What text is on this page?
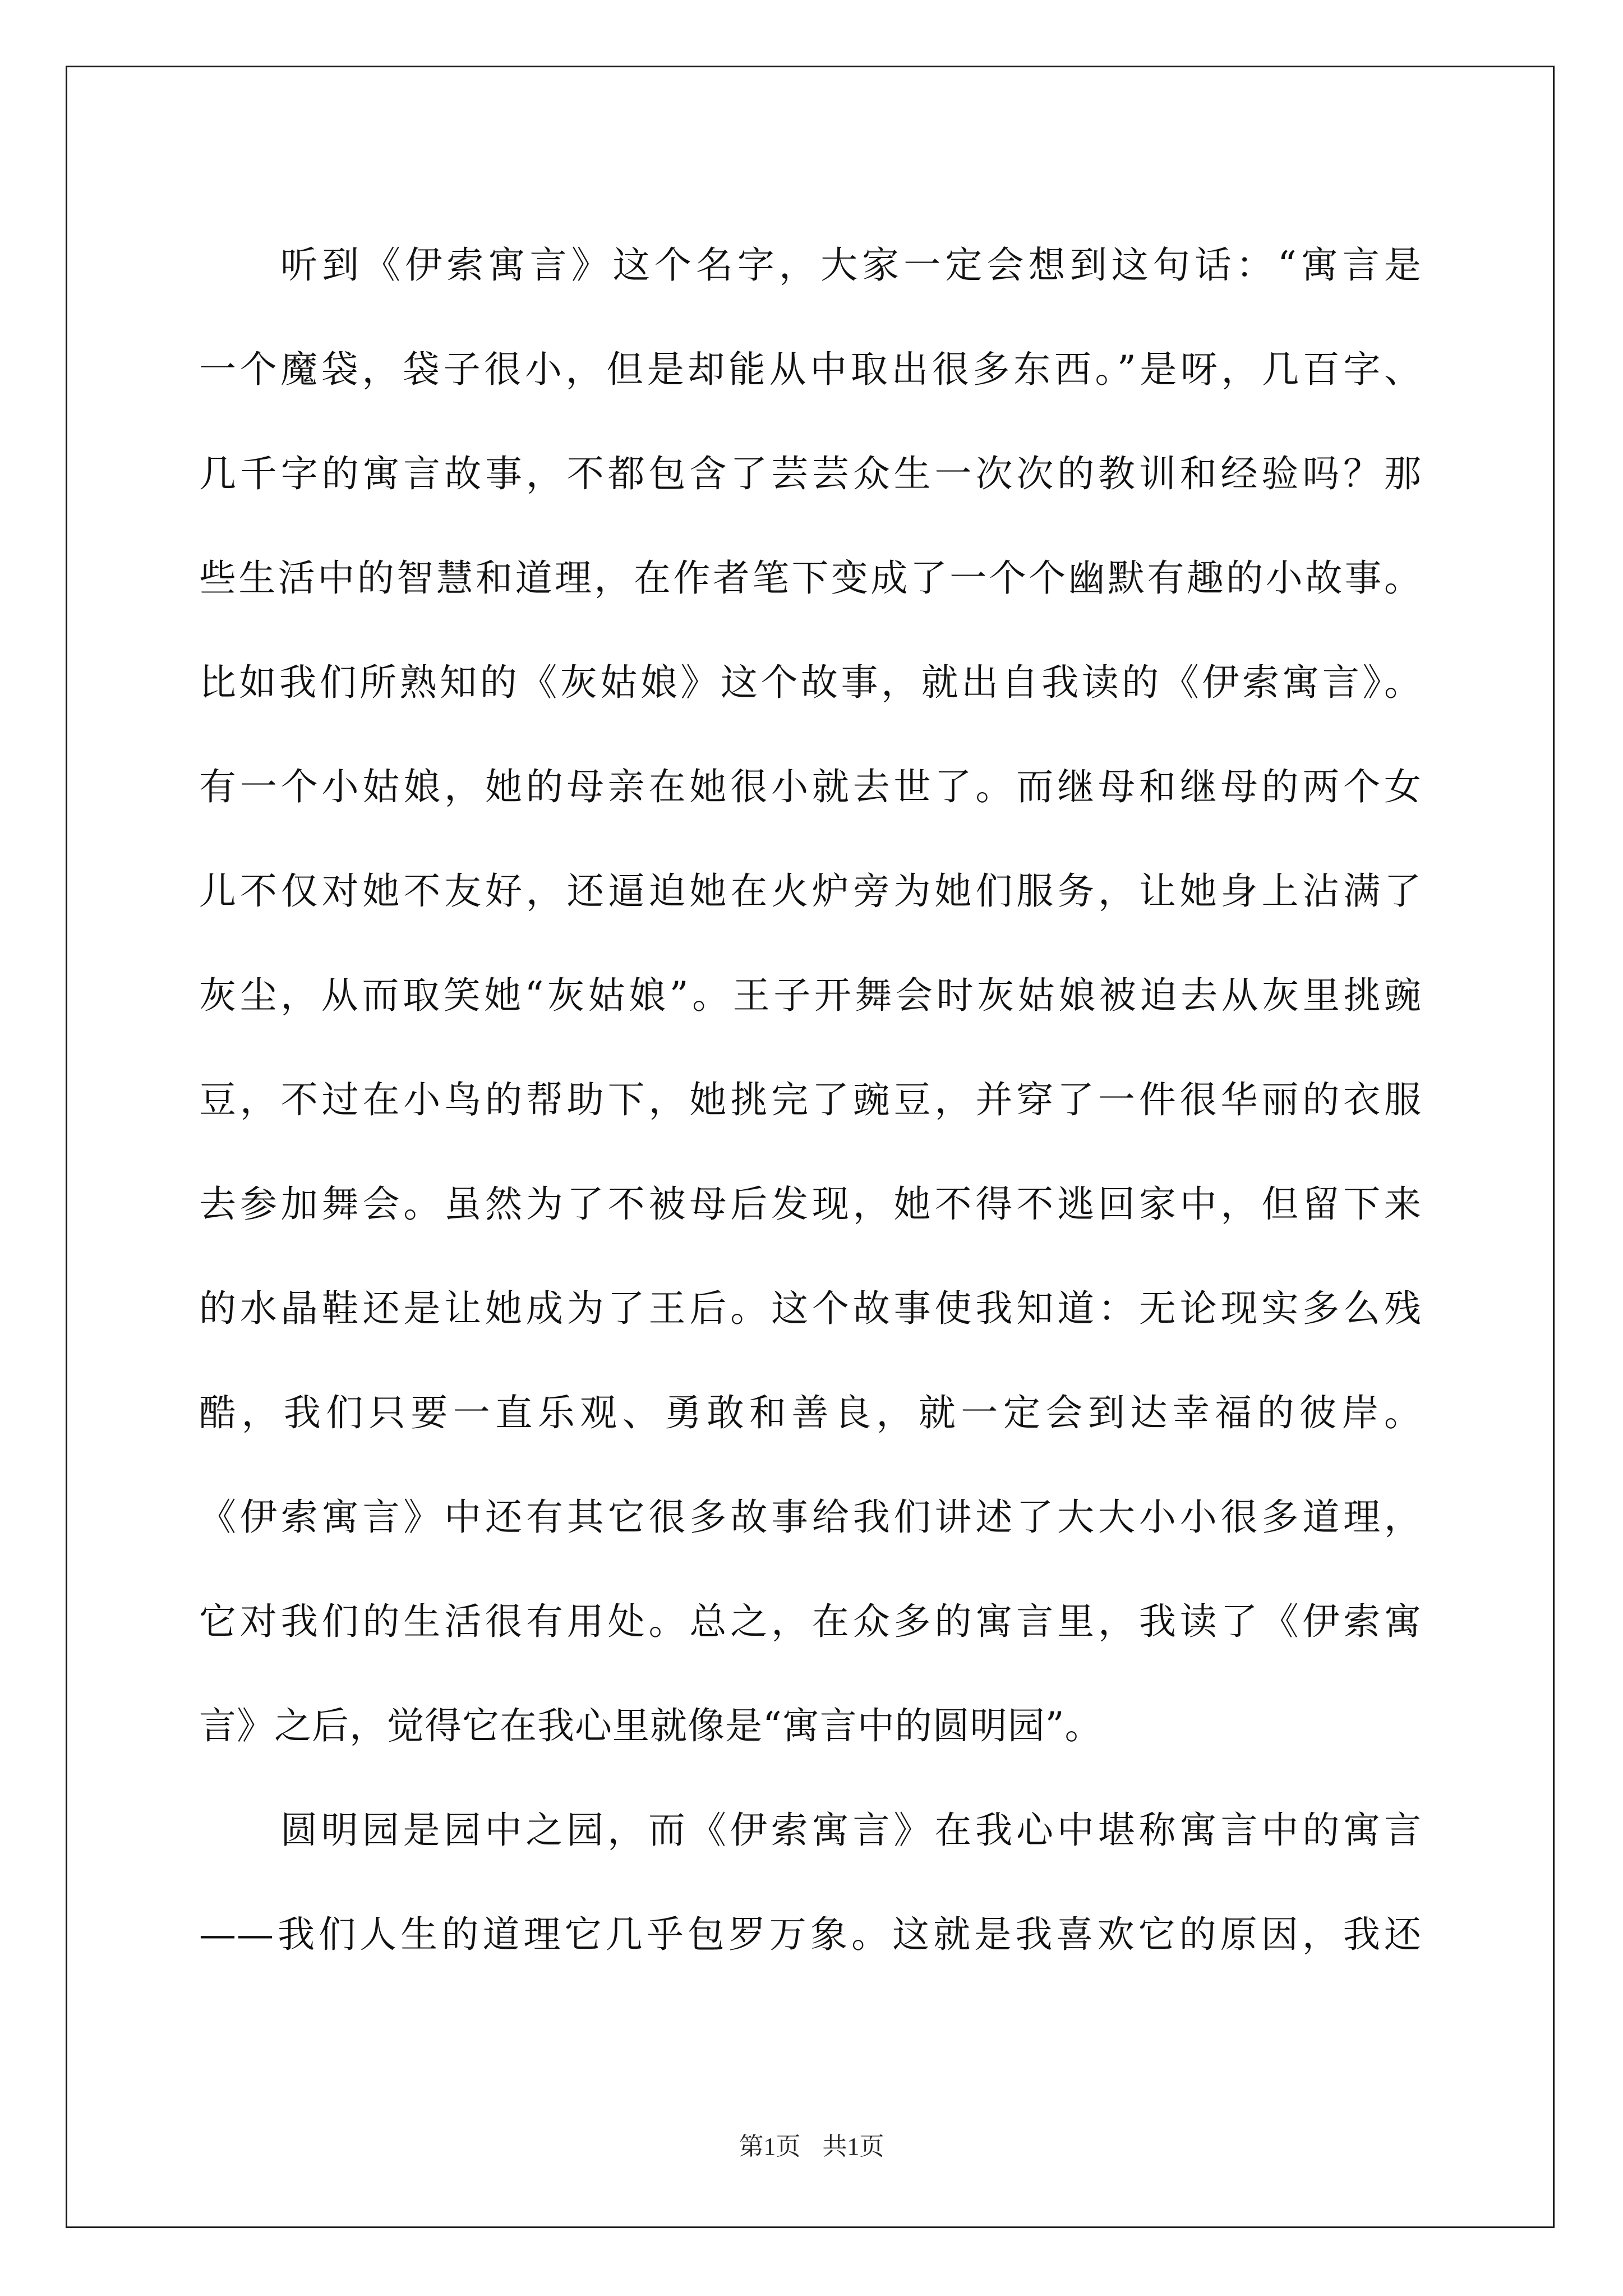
听到《伊索寓言》这个名字，大家一定会想到这句话：“寓言是
一个魔袋，袋子很小，但是却能从中取出很多东西。”是呀，几百字、
几千字的寓言故事，不都包含了芸芸众生一次次的教训和经验吗？那
些生活中的智慧和道理，在作者笔下变成了一个个幽默有趣的小故事。
比如我们所熟知的《灰姑娘》这个故事，就出自我读的《伊索寓言》。
有一个小姑娘，她的母亲在她很小就去世了。而继母和继母的两个女
儿不仅对她不友好，还逼迫她在火炉旁为她们服务，让她身上沾满了
灰尘，从而取笑她“灰姑娘”。王子开舞会时灰姑娘被迫去从灰里挑豌
豆，不过在小鸟的帮助下，她挑完了豌豆，并穿了一件很华丽的衣服
去参加舞会。虽然为了不被母后发现，她不得不逃回家中，但留下来
的水晶鞋还是让她成为了王后。这个故事使我知道：无论现实多么残
酷，我们只要一直乐观、勇敢和善良，就一定会到达幸福的彼岸。
《伊索寓言》中还有其它很多故事给我们讲述了大大小小很多道理，
它对我们的生活很有用处。总之，在众多的寓言里，我读了《伊索寓
言》之后，觉得它在我心里就像是“寓言中的圆明园”。
圆明园是园中之园，而《伊索寓言》在我心中堪称寓言中的寓言
——我们人生的道理它几乎包罗万象。这就是我喜欢它的原因，我还
第1页 共1页
